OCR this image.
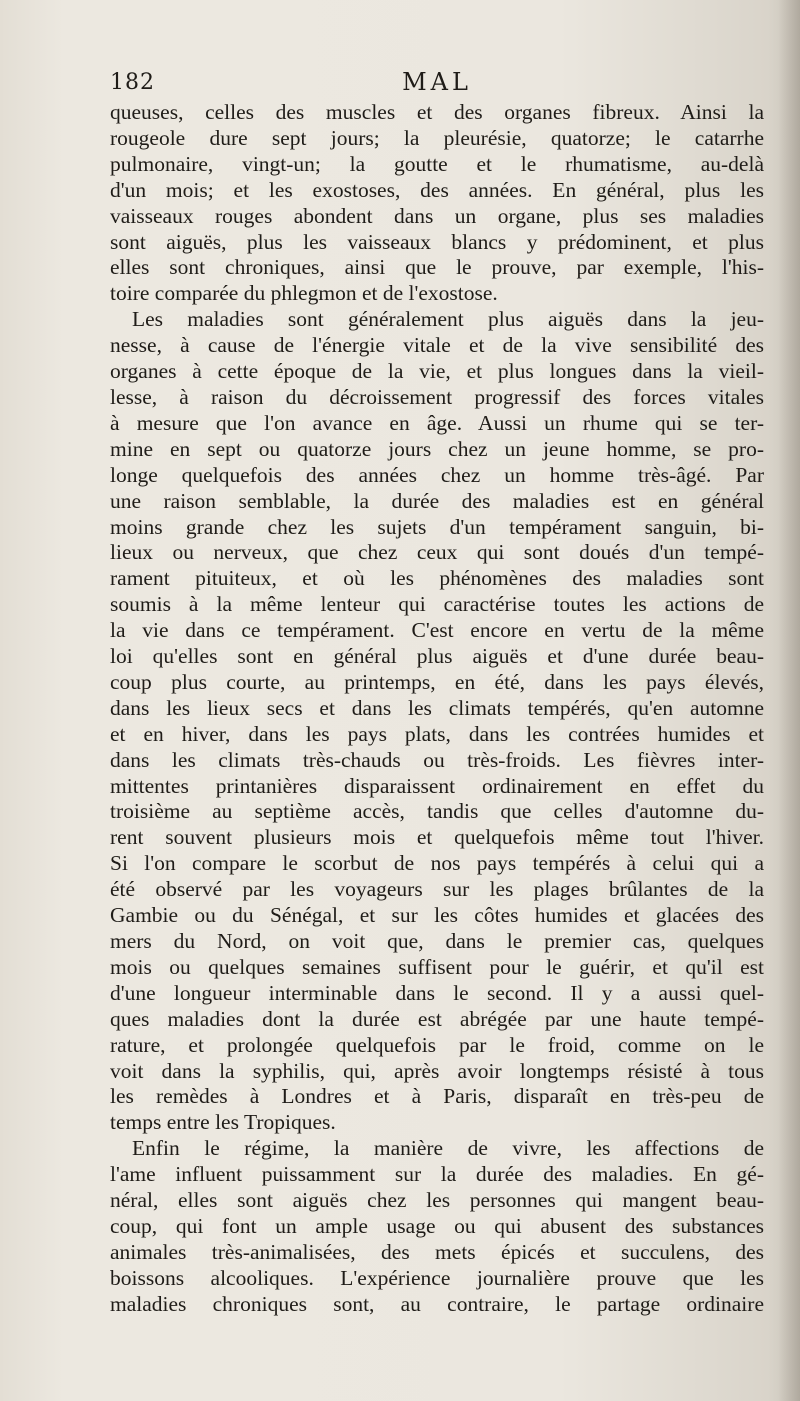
182	MAL
queuses, celles des muscles et des organes fibreux. Ainsi la
rougeole dure sept jours; la pleurésie, quatorze; le catarrhe
pulmonaire, vingt-un; la goutte et le rhumatisme, au-delà
d'un mois; et les exostoses, des années. En général, plus les
vaisseaux rouges abondent dans un organe, plus ses maladies
sont aiguës, plus les vaisseaux blancs y prédominent, et plus
elles sont chroniques, ainsi que le prouve, par exemple, l'his-
toire comparée du phlegmon et de l'exostose.
Les maladies sont généralement plus aiguës dans la jeu-
nesse, à cause de l'énergie vitale et de la vive sensibilité des
organes à cette époque de la vie, et plus longues dans la vieil-
lesse, à raison du décroissement progressif des forces vitales
à mesure que l'on avance en âge. Aussi un rhume qui se ter-
mine en sept ou quatorze jours chez un jeune homme, se pro-
longe quelquefois des années chez un homme très-âgé. Par
une raison semblable, la durée des maladies est en général
moins grande chez les sujets d'un tempérament sanguin, bi-
lieux ou nerveux, que chez ceux qui sont doués d'un tempé-
rament pituiteux, et où les phénomènes des maladies sont
soumis à la même lenteur qui caractérise toutes les actions de
la vie dans ce tempérament. C'est encore en vertu de la même
loi qu'elles sont en général plus aiguës et d'une durée beau-
coup plus courte, au printemps, en été, dans les pays élevés,
dans les lieux secs et dans les climats tempérés, qu'en automne
et en hiver, dans les pays plats, dans les contrées humides et
dans les climats très-chauds ou très-froids. Les fièvres inter-
mittentes printanières disparaissent ordinairement en effet du
troisième au septième accès, tandis que celles d'automne du-
rent souvent plusieurs mois et quelquefois même tout l'hiver.
Si l'on compare le scorbut de nos pays tempérés à celui qui a
été observé par les voyageurs sur les plages brûlantes de la
Gambie ou du Sénégal, et sur les côtes humides et glacées des
mers du Nord, on voit que, dans le premier cas, quelques
mois ou quelques semaines suffisent pour le guérir, et qu'il est
d'une longueur interminable dans le second. Il y a aussi quel-
ques maladies dont la durée est abrégée par une haute tempé-
rature, et prolongée quelquefois par le froid, comme on le
voit dans la syphilis, qui, après avoir longtemps résisté à tous
les remèdes à Londres et à Paris, disparaît en très-peu de
temps entre les Tropiques.
Enfin le régime, la manière de vivre, les affections de
l'ame influent puissamment sur la durée des maladies. En gé-
néral, elles sont aiguës chez les personnes qui mangent beau-
coup, qui font un ample usage ou qui abusent des substances
animales très-animalisées, des mets épicés et succulens, des
boissons alcooliques. L'expérience journalière prouve que les
maladies chroniques sont, au contraire, le partage ordinaire
